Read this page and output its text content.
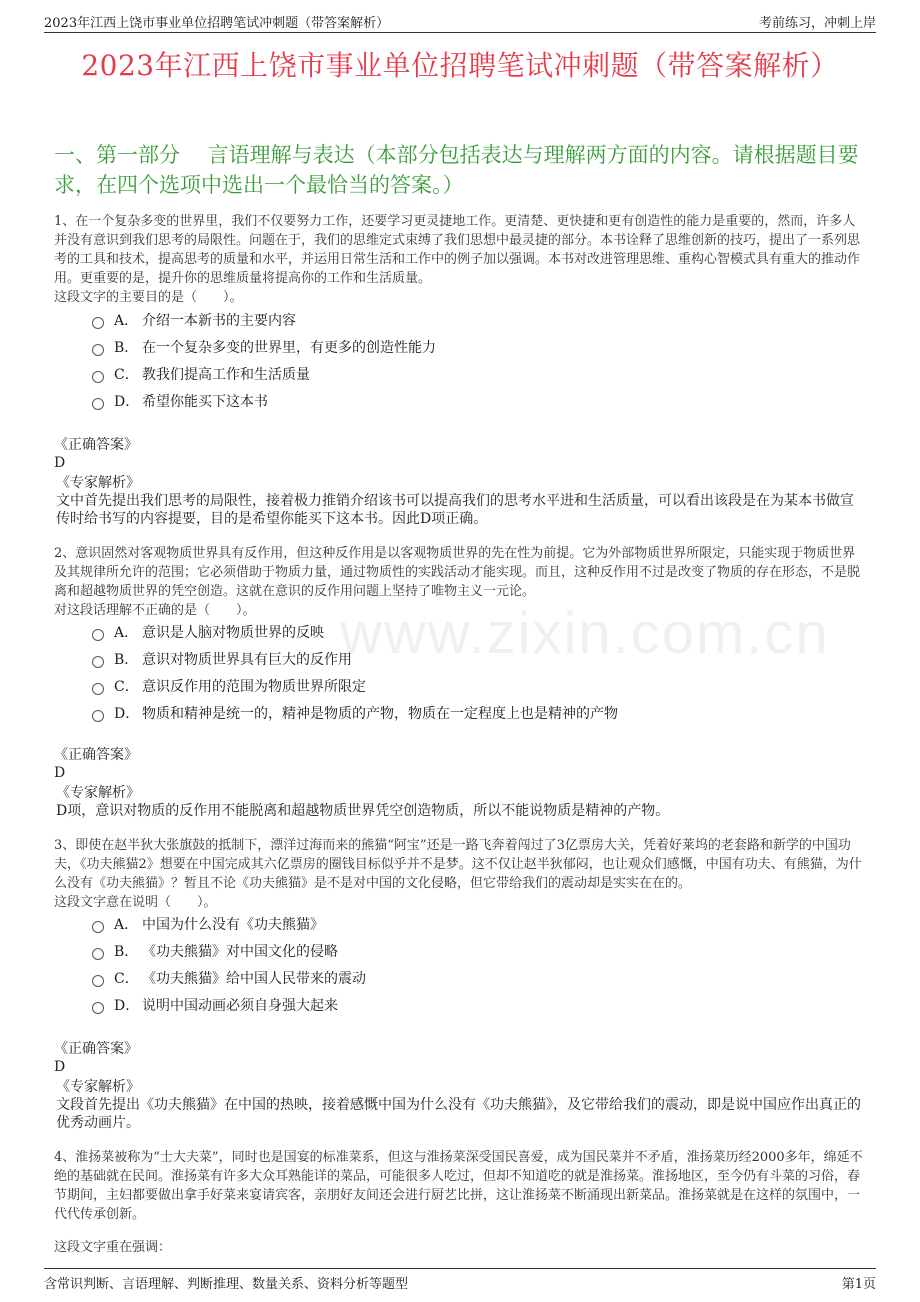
2023年江西上饶市事业单位招聘笔试冲刺题（带答案解析）	考前练习，冲刺上岸
2023年江西上饶市事业单位招聘笔试冲刺题（带答案解析）
一、第一部分　 言语理解与表达（本部分包括表达与理解两方面的内容。请根据题目要求，在四个选项中选出一个最恰当的答案。）
www.zixin.com.cn

1、在一个复杂多变的世界里，我们不仅要努力工作，还要学习更灵捷地工作。更清楚、更快捷和更有创造性的能力是重要的，然而，许多人并没有意识到我们思考的局限性。问题在于，我们的思维定式束缚了我们思想中最灵捷的部分。本书诠释了思维创新的技巧，提出了一系列思考的工具和技术，提高思考的质量和水平，并运用日常生活和工作中的例子加以强调。本书对改进管理思维、重构心智模式具有重大的推动作用。更重要的是，提升你的思维质量将提高你的工作和生活质量。

这段文字的主要目的是（　　）。

A． 介绍一本新书的主要内容
B． 在一个复杂多变的世界里，有更多的创造性能力
C． 教我们提高工作和生活质量
D． 希望你能买下这本书

《正确答案》

D

《专家解析》

文中首先提出我们思考的局限性，接着极力推销介绍该书可以提高我们的思考水平进和生活质量，可以看出该段是在为某本书做宣传时给书写的内容提要，目的是希望你能买下这本书。因此D项正确。

2、意识固然对客观物质世界具有反作用，但这种反作用是以客观物质世界的先在性为前提。它为外部物质世界所限定，只能实现于物质世界及其规律所允许的范围；它必须借助于物质力量，通过物质性的实践活动才能实现。而且，这种反作用不过是改变了物质的存在形态，不是脱离和超越物质世界的凭空创造。这就在意识的反作用问题上坚持了唯物主义一元论。

对这段话理解不正确的是（　　）。

A． 意识是人脑对物质世界的反映
B． 意识对物质世界具有巨大的反作用
C． 意识反作用的范围为物质世界所限定
D． 物质和精神是统一的，精神是物质的产物，物质在一定程度上也是精神的产物

《正确答案》

D

《专家解析》

D项，意识对物质的反作用不能脱离和超越物质世界凭空创造物质，所以不能说物质是精神的产物。

3、即使在赵半狄大张旗鼓的抵制下，漂洋过海而来的熊猫“阿宝”还是一路飞奔着闯过了3亿票房大关，凭着好莱坞的老套路和新学的中国功夫，《功夫熊猫2》想要在中国完成其六亿票房的圈钱目标似乎并不是梦。这不仅让赵半狄郁闷，也让观众们感慨，中国有功夫、有熊猫，为什么没有《功夫熊猫》？暂且不论《功夫熊猫》是不是对中国的文化侵略，但它带给我们的震动却是实实在在的。

这段文字意在说明（　　）。

A． 中国为什么没有《功夫熊猫》
B． 《功夫熊猫》对中国文化的侵略
C． 《功夫熊猫》给中国人民带来的震动
D． 说明中国动画必须自身强大起来

《正确答案》

D

《专家解析》

文段首先提出《功夫熊猫》在中国的热映，接着感慨中国为什么没有《功夫熊猫》，及它带给我们的震动，即是说中国应作出真正的优秀动画片。

4、淮扬菜被称为“士大夫菜”，同时也是国宴的标准菜系，但这与淮扬菜深受国民喜爱，成为国民菜并不矛盾，淮扬菜历经2000多年，绵延不绝的基础就在民间。淮扬菜有许多大众耳熟能详的菜品，可能很多人吃过，但却不知道吃的就是淮扬菜。淮扬地区，至今仍有斗菜的习俗，春节期间，主妇都要做出拿手好菜来宴请宾客，亲朋好友间还会进行厨艺比拼，这让淮扬菜不断涌现出新菜品。淮扬菜就是在这样的氛围中，一代代传承创新。

这段文字重在强调：

含常识判断、言语理解、判断推理、数量关系、资料分析等题型	第1页
